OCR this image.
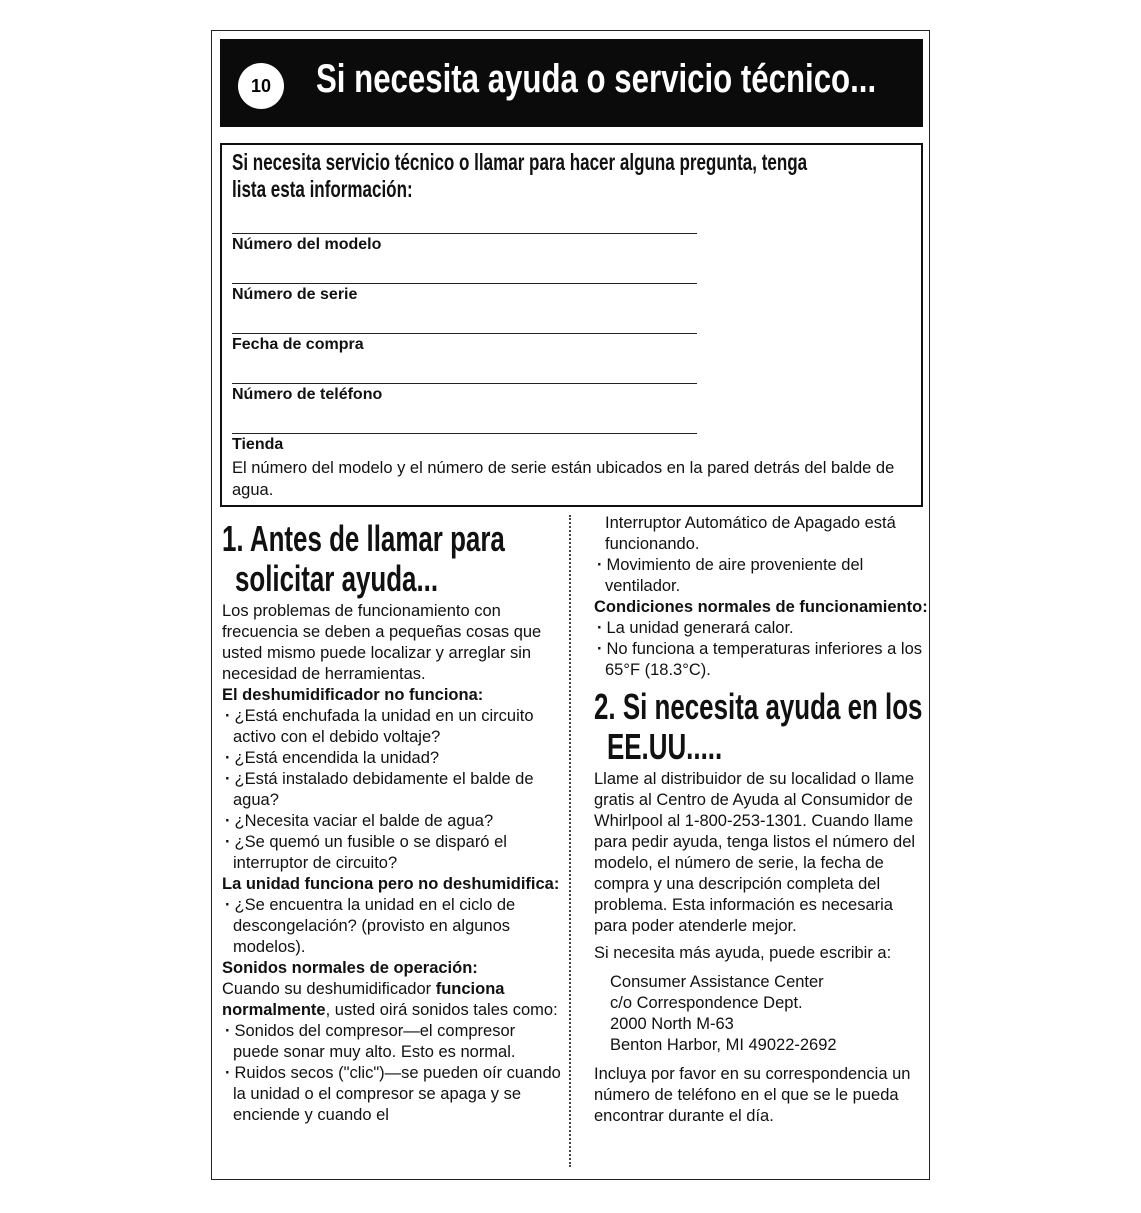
10	Si necesita ayuda o servicio técnico...
Si necesita servicio técnico o llamar para hacer alguna pregunta, tenga lista esta información:
Número del modelo
Número de serie
Fecha de compra
Número de teléfono
Tienda
El número del modelo y el número de serie están ubicados en la pared detrás del balde de agua.
1. Antes de llamar para
solicitar ayuda...

Los problemas de funcionamiento con frecuencia se deben a pequeñas cosas que usted mismo puede localizar y arreglar sin necesidad de herramientas.

El deshumidificador no funciona:

· ¿Está enchufada la unidad en un circuito activo con el debido voltaje?
· ¿Está encendida la unidad?
· ¿Está instalado debidamente el balde de agua?
· ¿Necesita vaciar el balde de agua?
· ¿Se quemó un fusible o se disparó el interruptor de circuito?

La unidad funciona pero no deshumidifica:

· ¿Se encuentra la unidad en el ciclo de descongelación? (provisto en algunos modelos).

Sonidos normales de operación:

Cuando su deshumidificador funciona normalmente, usted oirá sonidos tales como:

· Sonidos del compresor—el compresor puede sonar muy alto. Esto es normal.
· Ruidos secos ("clic")—se pueden oír cuando la unidad o el compresor se apaga y se enciende y cuando el

Interruptor Automático de Apagado está funcionando.

· Movimiento de aire proveniente del ventilador.

Condiciones normales de funcionamiento:

· La unidad generará calor.
· No funciona a temperaturas inferiores a los 65°F (18.3°C).
2. Si necesita ayuda en los
EE.UU.....

Llame al distribuidor de su localidad o llame gratis al Centro de Ayuda al Consumidor de Whirlpool al 1-800-253-1301. Cuando llame para pedir ayuda, tenga listos el número del modelo, el número de serie, la fecha de compra y una descripción completa del problema. Esta información es necesaria para poder atenderle mejor.

Si necesita más ayuda, puede escribir a:

Consumer Assistance Center

c/o Correspondence Dept.

2000 North M-63

Benton Harbor, MI 49022-2692

Incluya por favor en su correspondencia un número de teléfono en el que se le pueda encontrar durante el día.
